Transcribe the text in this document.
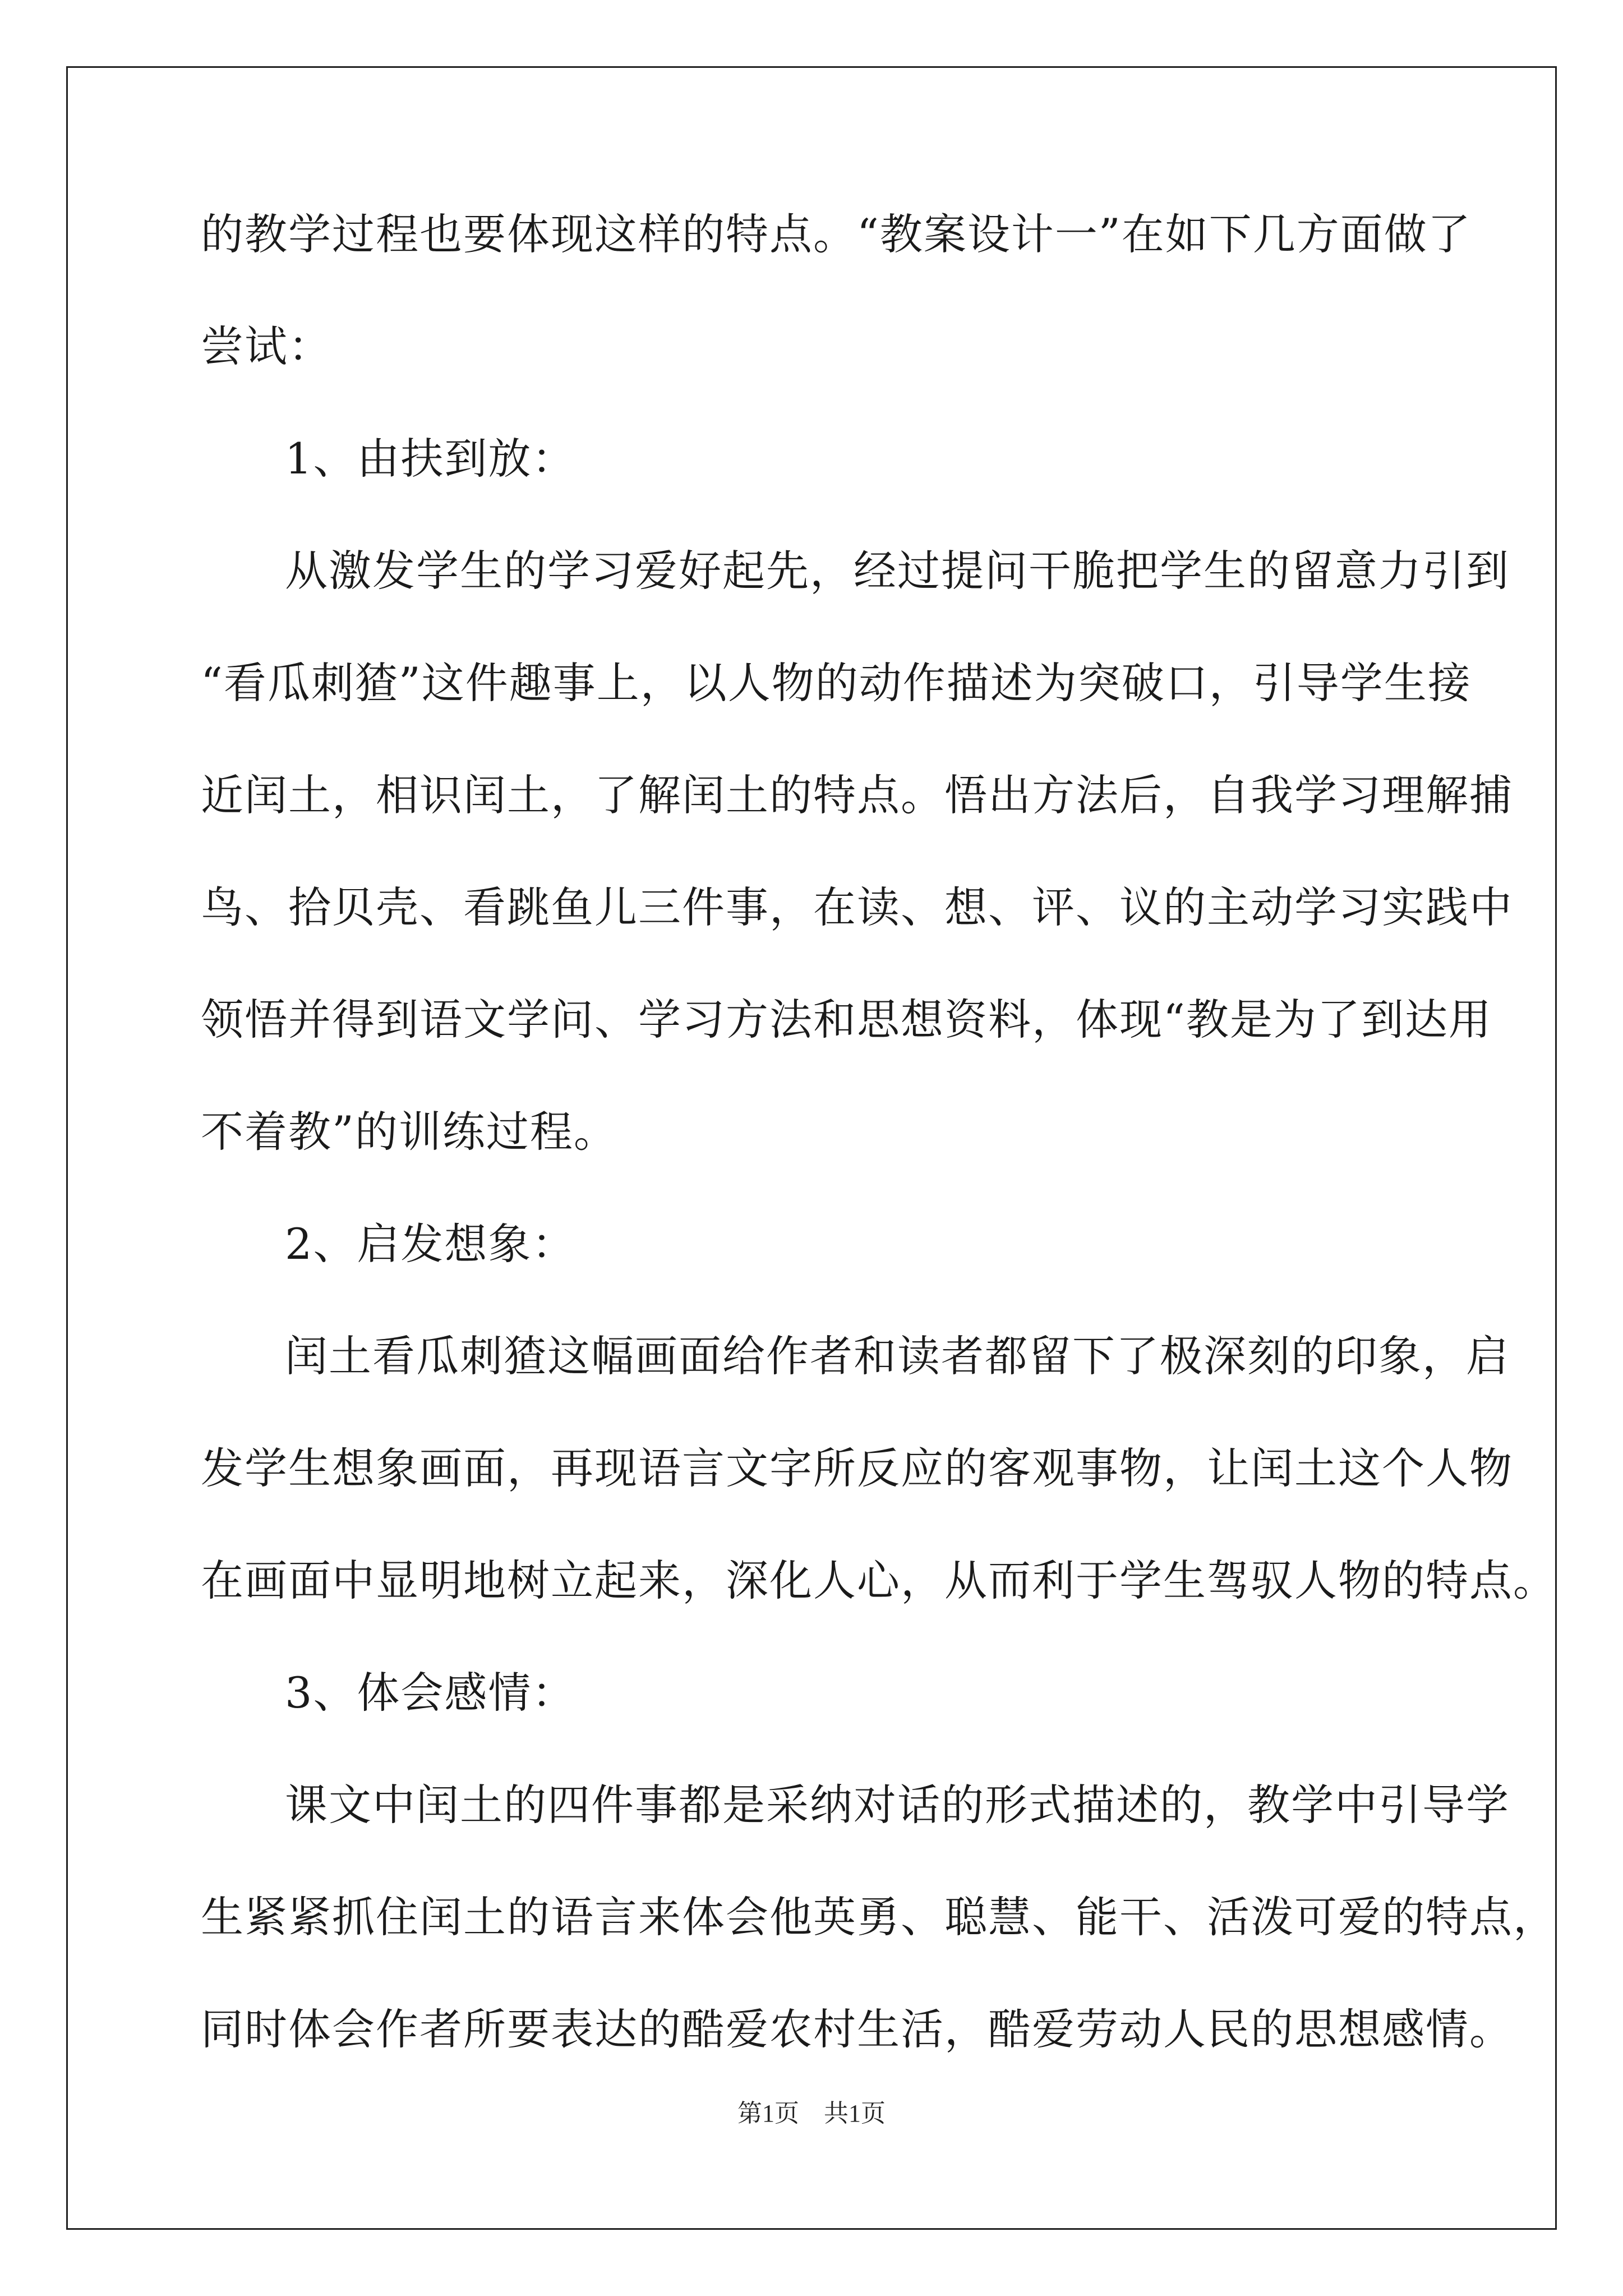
的教学过程也要体现这样的特点。“教案设计一”在如下几方面做了
尝试：
1、由扶到放：
从激发学生的学习爱好起先，经过提问干脆把学生的留意力引到
“看瓜刺猹”这件趣事上，以人物的动作描述为突破口，引导学生接
近闰土，相识闰土，了解闰土的特点。悟出方法后，自我学习理解捕
鸟、拾贝壳、看跳鱼儿三件事，在读、想、评、议的主动学习实践中
领悟并得到语文学问、学习方法和思想资料，体现“教是为了到达用
不着教”的训练过程。
2、启发想象：
闰土看瓜刺猹这幅画面给作者和读者都留下了极深刻的印象，启
发学生想象画面，再现语言文字所反应的客观事物，让闰土这个人物
在画面中显明地树立起来，深化人心，从而利于学生驾驭人物的特点。
3、体会感情：
课文中闰土的四件事都是采纳对话的形式描述的，教学中引导学
生紧紧抓住闰土的语言来体会他英勇、聪慧、能干、活泼可爱的特点，
同时体会作者所要表达的酷爱农村生活，酷爱劳动人民的思想感情。
第1页　共1页
